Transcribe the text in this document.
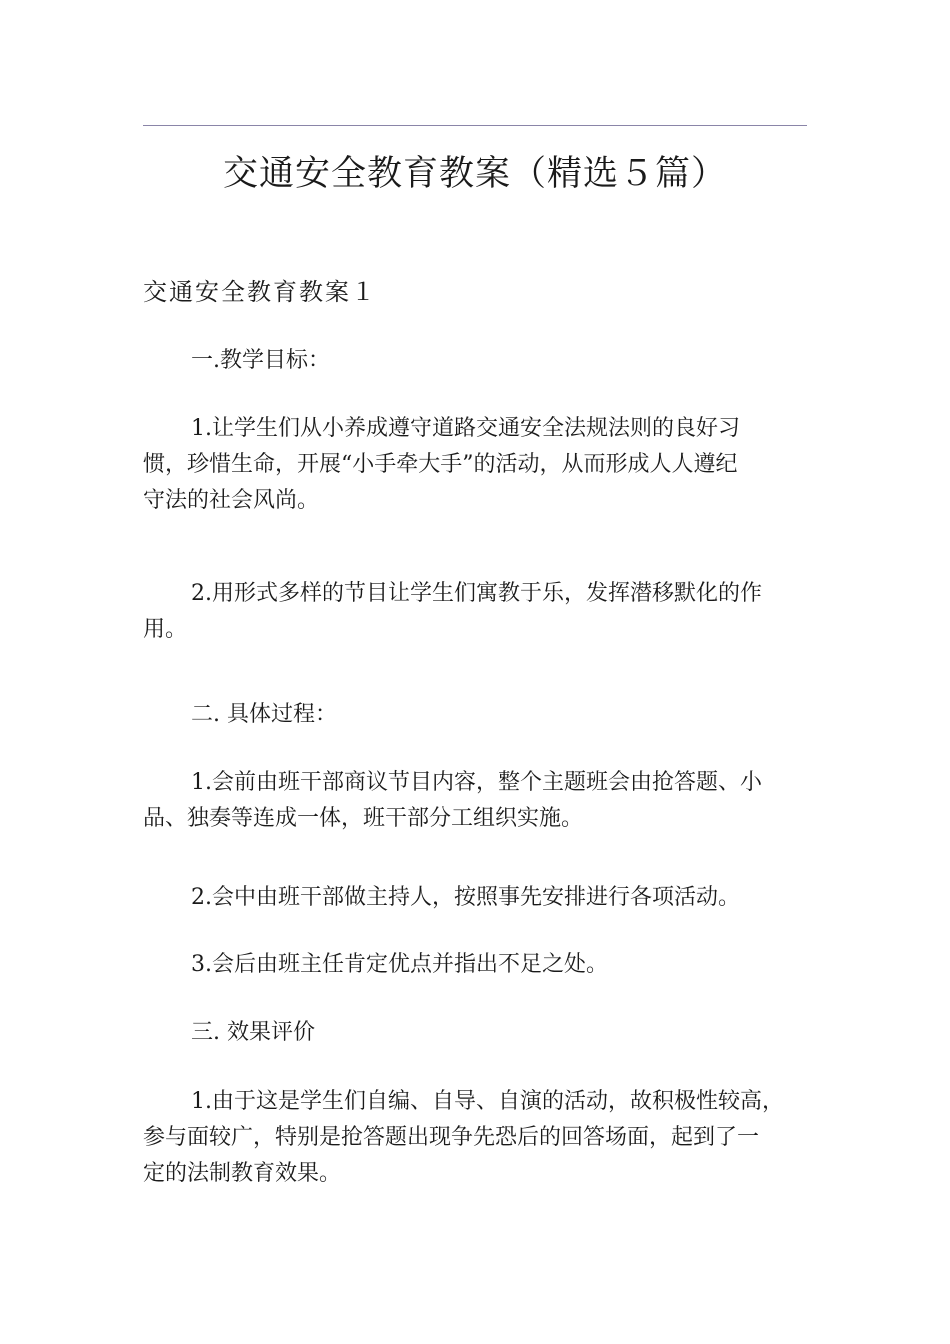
交通安全教育教案（精选５篇）
交通安全教育教案１
一.教学目标：
1.让学生们从小养成遵守道路交通安全法规法则的良好习
惯，珍惜生命，开展“小手牵大手”的活动，从而形成人人遵纪
守法的社会风尚。
2.用形式多样的节目让学生们寓教于乐，发挥潜移默化的作
用。
二. 具体过程：
1.会前由班干部商议节目内容，整个主题班会由抢答题、小
品、独奏等连成一体，班干部分工组织实施。
2.会中由班干部做主持人，按照事先安排进行各项活动。
3.会后由班主任肯定优点并指出不足之处。
三. 效果评价
1.由于这是学生们自编、自导、自演的活动，故积极性较高，
参与面较广，特别是抢答题出现争先恐后的回答场面，起到了一
定的法制教育效果。
